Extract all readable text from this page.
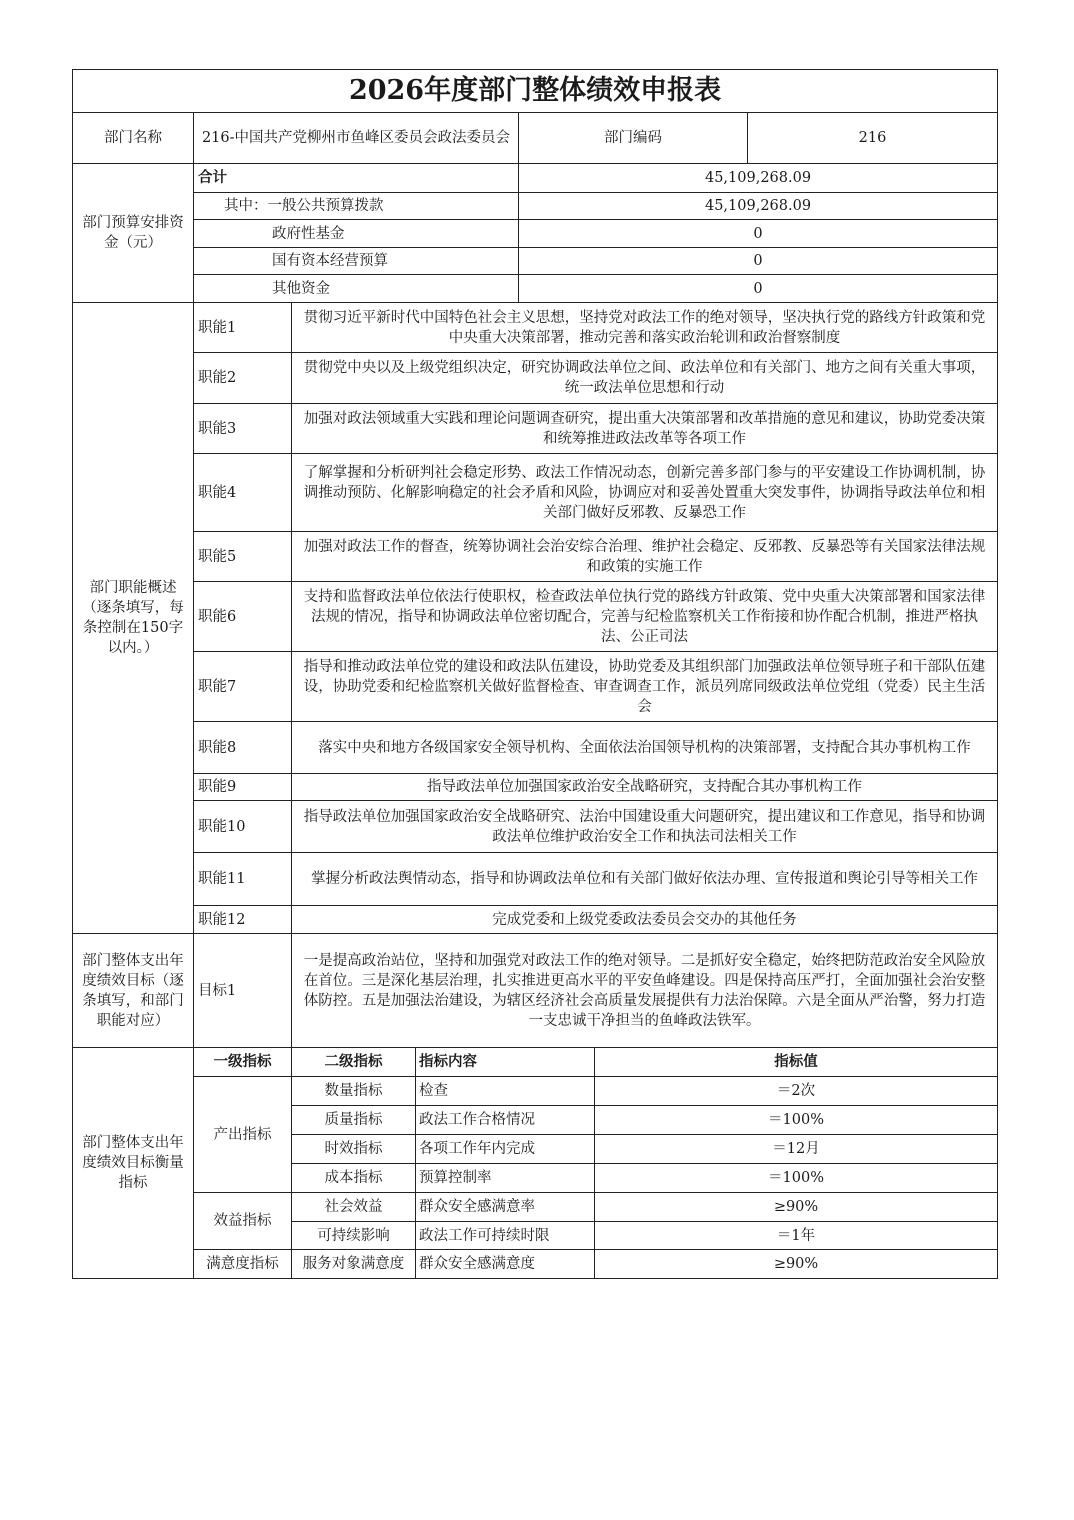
2026年度部门整体绩效申报表						
部门名称	216-中国共产党柳州市鱼峰区委员会政法委员会			部门编码		216
部门预算安排资金（元）	合计			45,109,268.09		
	其中：一般公共预算拨款			45,109,268.09		
	政府性基金			0		
	国有资本经营预算			0		
	其他资金			0		
部门职能概述（逐条填写，每条控制在150字以内。）	职能1	贯彻习近平新时代中国特色社会主义思想，坚持党对政法工作的绝对领导，坚决执行党的路线方针政策和党中央重大决策部署，推动完善和落实政治轮训和政治督察制度				
	职能2	贯彻党中央以及上级党组织决定，研究协调政法单位之间、政法单位和有关部门、地方之间有关重大事项，统一政法单位思想和行动				
	职能3	加强对政法领域重大实践和理论问题调查研究，提出重大决策部署和改革措施的意见和建议，协助党委决策和统筹推进政法改革等各项工作				
	职能4	了解掌握和分析研判社会稳定形势、政法工作情况动态，创新完善多部门参与的平安建设工作协调机制，协调推动预防、化解影响稳定的社会矛盾和风险，协调应对和妥善处置重大突发事件，协调指导政法单位和相关部门做好反邪教、反暴恐工作				
	职能5	加强对政法工作的督查，统筹协调社会治安综合治理、维护社会稳定、反邪教、反暴恐等有关国家法律法规和政策的实施工作				
	职能6	支持和监督政法单位依法行使职权，检查政法单位执行党的路线方针政策、党中央重大决策部署和国家法律法规的情况，指导和协调政法单位密切配合，完善与纪检监察机关工作衔接和协作配合机制，推进严格执法、公正司法				
	职能7	指导和推动政法单位党的建设和政法队伍建设，协助党委及其组织部门加强政法单位领导班子和干部队伍建设，协助党委和纪检监察机关做好监督检查、审查调查工作，派员列席同级政法单位党组（党委）民主生活会				
	职能8	落实中央和地方各级国家安全领导机构、全面依法治国领导机构的决策部署，支持配合其办事机构工作				
	职能9	指导政法单位加强国家政治安全战略研究，支持配合其办事机构工作				
	职能10	指导政法单位加强国家政治安全战略研究、法治中国建设重大问题研究，提出建议和工作意见，指导和协调政法单位维护政治安全工作和执法司法相关工作				
	职能11	掌握分析政法舆情动态，指导和协调政法单位和有关部门做好依法办理、宣传报道和舆论引导等相关工作				
	职能12	完成党委和上级党委政法委员会交办的其他任务				
部门整体支出年度绩效目标（逐条填写，和部门职能对应）	目标1	一是提高政治站位，坚持和加强党对政法工作的绝对领导。二是抓好安全稳定，始终把防范政治安全风险放在首位。三是深化基层治理，扎实推进更高水平的平安鱼峰建设。四是保持高压严打，全面加强社会治安整体防控。五是加强法治建设，为辖区经济社会高质量发展提供有力法治保障。六是全面从严治警，努力打造一支忠诚干净担当的鱼峰政法铁军。				
部门整体支出年度绩效目标衡量指标	一级指标	二级指标	指标内容		指标值	
	产出指标	数量指标	检查		＝2次	
		质量指标	政法工作合格情况		＝100%	
		时效指标	各项工作年内完成		＝12月	
		成本指标	预算控制率		＝100%	
	效益指标	社会效益	群众安全感满意率		≥90%	
		可持续影响	政法工作可持续时限		＝1年	
	满意度指标	服务对象满意度	群众安全感满意度		≥90%	
